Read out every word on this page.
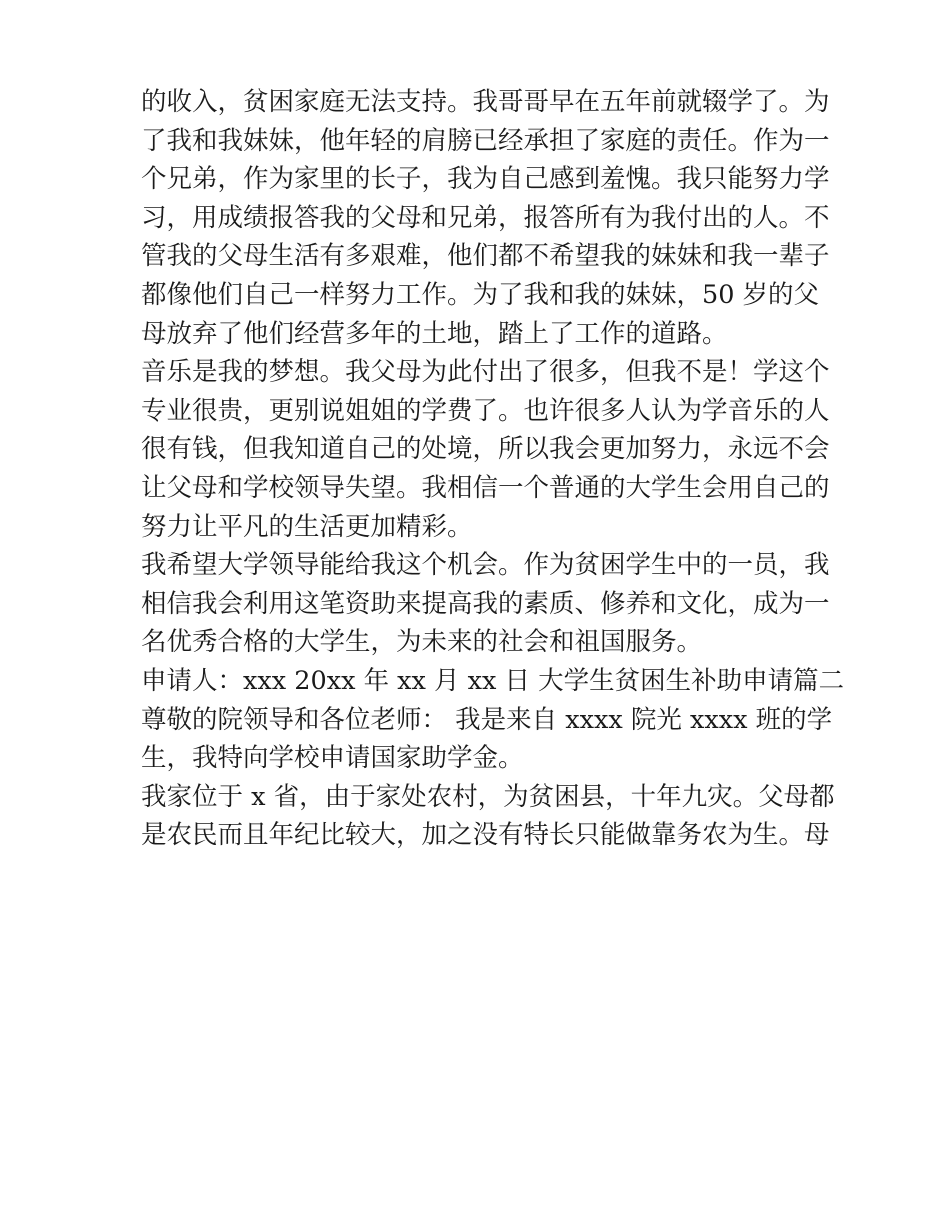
的收入，贫困家庭无法支持。我哥哥早在五年前就辍学了。为
了我和我妹妹，他年轻的肩膀已经承担了家庭的责任。作为一
个兄弟，作为家里的长子，我为自己感到羞愧。我只能努力学
习，用成绩报答我的父母和兄弟，报答所有为我付出的人。不
管我的父母生活有多艰难，他们都不希望我的妹妹和我一辈子
都像他们自己一样努力工作。为了我和我的妹妹，50 岁的父
母放弃了他们经营多年的土地，踏上了工作的道路。
音乐是我的梦想。我父母为此付出了很多，但我不是！学这个
专业很贵，更别说姐姐的学费了。也许很多人认为学音乐的人
很有钱，但我知道自己的处境，所以我会更加努力，永远不会
让父母和学校领导失望。我相信一个普通的大学生会用自己的
努力让平凡的生活更加精彩。
我希望大学领导能给我这个机会。作为贫困学生中的一员，我
相信我会利用这笔资助来提高我的素质、修养和文化，成为一
名优秀合格的大学生，为未来的社会和祖国服务。
申请人：xxx 20xx 年 xx 月 xx 日 大学生贫困生补助申请篇二
尊敬的院领导和各位老师： 我是来自 xxxx 院光 xxxx 班的学
生，我特向学校申请国家助学金。
我家位于 x 省，由于家处农村，为贫困县，十年九灾。父母都
是农民而且年纪比较大，加之没有特长只能做靠务农为生。母
